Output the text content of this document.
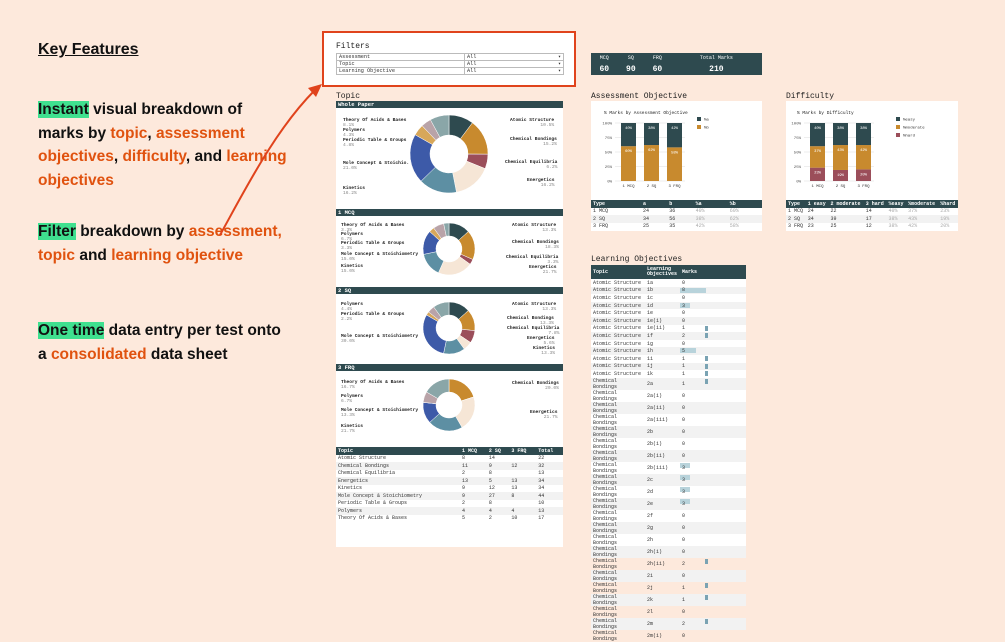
Key Features
Instant visual breakdown of marks by topic, assessment objectives, difficulty, and learning objectives
Filter breakdown by assessment, topic and learning objective
One time data entry per test onto a consolidated data sheet
Filters
Assessment	All ▾

Topic	All ▾

Learning Objective	All ▾
MCQ	SQ	FRQ	Total Marks
60	90	60	210
Topic
Whole Paper
1 MCQ
2 SQ
3 FRQ
Theory Of Acids & Bases
8.1%
Polymers
4.3%
Periodic Table & Groups
4.8%
Mole Concept & Stoichio.
21.0%
Kinetics
16.2%
Atomic Structure
10.5%
Chemical Bondings
15.2%
Chemical Equilibria
6.2%
Energetics
16.2%
Theory Of Acids & Bases
3.3%
Polymers
6.7%
Periodic Table & Groups
3.3%
Mole Concept & Stoichiometry
15.0%
Kinetics
15.0%
Atomic Structure
13.3%
Chemical Bondings
18.3%
Chemical Equilibria
3.3%
Energetics
21.7%
Polymers
4.4%
Periodic Table & Groups
2.2%
Mole Concept & Stoichiometry
30.0%
Atomic Structure
13.3%
Chemical Bondings
13.3%
Chemical Equilibria
7.8%
Energetics
5.6%
Kinetics
13.3%
Theory Of Acids & Bases
16.7%
Polymers
6.7%
Mole Concept & Stoichiometry
13.3%
Kinetics
21.7%
Chemical Bondings
20.0%
Energetics
21.7%
Topic	1 MCQ	2 SQ	3 FRQ	Total
Atomic Structure	8	14		22
Chemical Bondings	11	9	12	32
Chemical Equilibria	2	8		13
Energetics	13	5	13	34
Kinetics	9	12	13	34
Mole Concept & Stoichiometry	9	27	8	44
Periodic Table & Groups	2	8		10
Polymers	4	4	4	13
Theory Of Acids & Bases	5	2	10	17
Assessment Objective
% Marks by Assessment Objective
0%
25%
50%
75%
100%
60%
40%
1 MCQ
62%
38%
2 SQ
58%
42%
3 FRQ
%a
%b
Type	a	b	%a	%b
1 MCQ	24	36	40%	60%
2 SQ	34	56	38%	62%
3 FRQ	25	35	42%	58%
Difficulty
% Marks by Difficulty
0%
25%
50%
75%
100%
23%
37%
40%
1 MCQ
19%
43%
38%
2 SQ
20%
42%
38%
3 FRQ
%easy
%moderate
%hard
Type	1 easy	2 moderate	3 hard	%easy	%moderate	%hard
1 MCQ	24	22	14	40%	37%	23%
2 SQ	34	39	17	38%	43%	19%
3 FRQ	23	25	12	38%	42%	20%
Learning Objectives
Topic	Learning Objectives	Marks
Atomic Structure	1a	0
Atomic Structure	1b	8

Atomic Structure	1c	0
Atomic Structure	1d	3

Atomic Structure	1e	0
Atomic Structure	1e(i)	0
Atomic Structure	1e(ii)	1

Atomic Structure	1f	2

Atomic Structure	1g	0
Atomic Structure	1h	5

Atomic Structure	1i	1

Atomic Structure	1j	1

Atomic Structure	1k	1

Chemical Bondings	2a	1

Chemical Bondings	2a(i)	0
Chemical Bondings	2a(ii)	0
Chemical Bondings	2a(iii)	0
Chemical Bondings	2b	0
Chemical Bondings	2b(i)	0
Chemical Bondings	2b(ii)	0
Chemical Bondings	2b(iii)	3

Chemical Bondings	2c	3

Chemical Bondings	2d	3

Chemical Bondings	2e	3

Chemical Bondings	2f	0
Chemical Bondings	2g	0
Chemical Bondings	2h	0
Chemical Bondings	2h(i)	0
Chemical Bondings	2h(ii)	2

Chemical Bondings	2i	0
Chemical Bondings	2j	1

Chemical Bondings	2k	1

Chemical Bondings	2l	0
Chemical Bondings	2m	2

Chemical Bondings	2m(i)	0
